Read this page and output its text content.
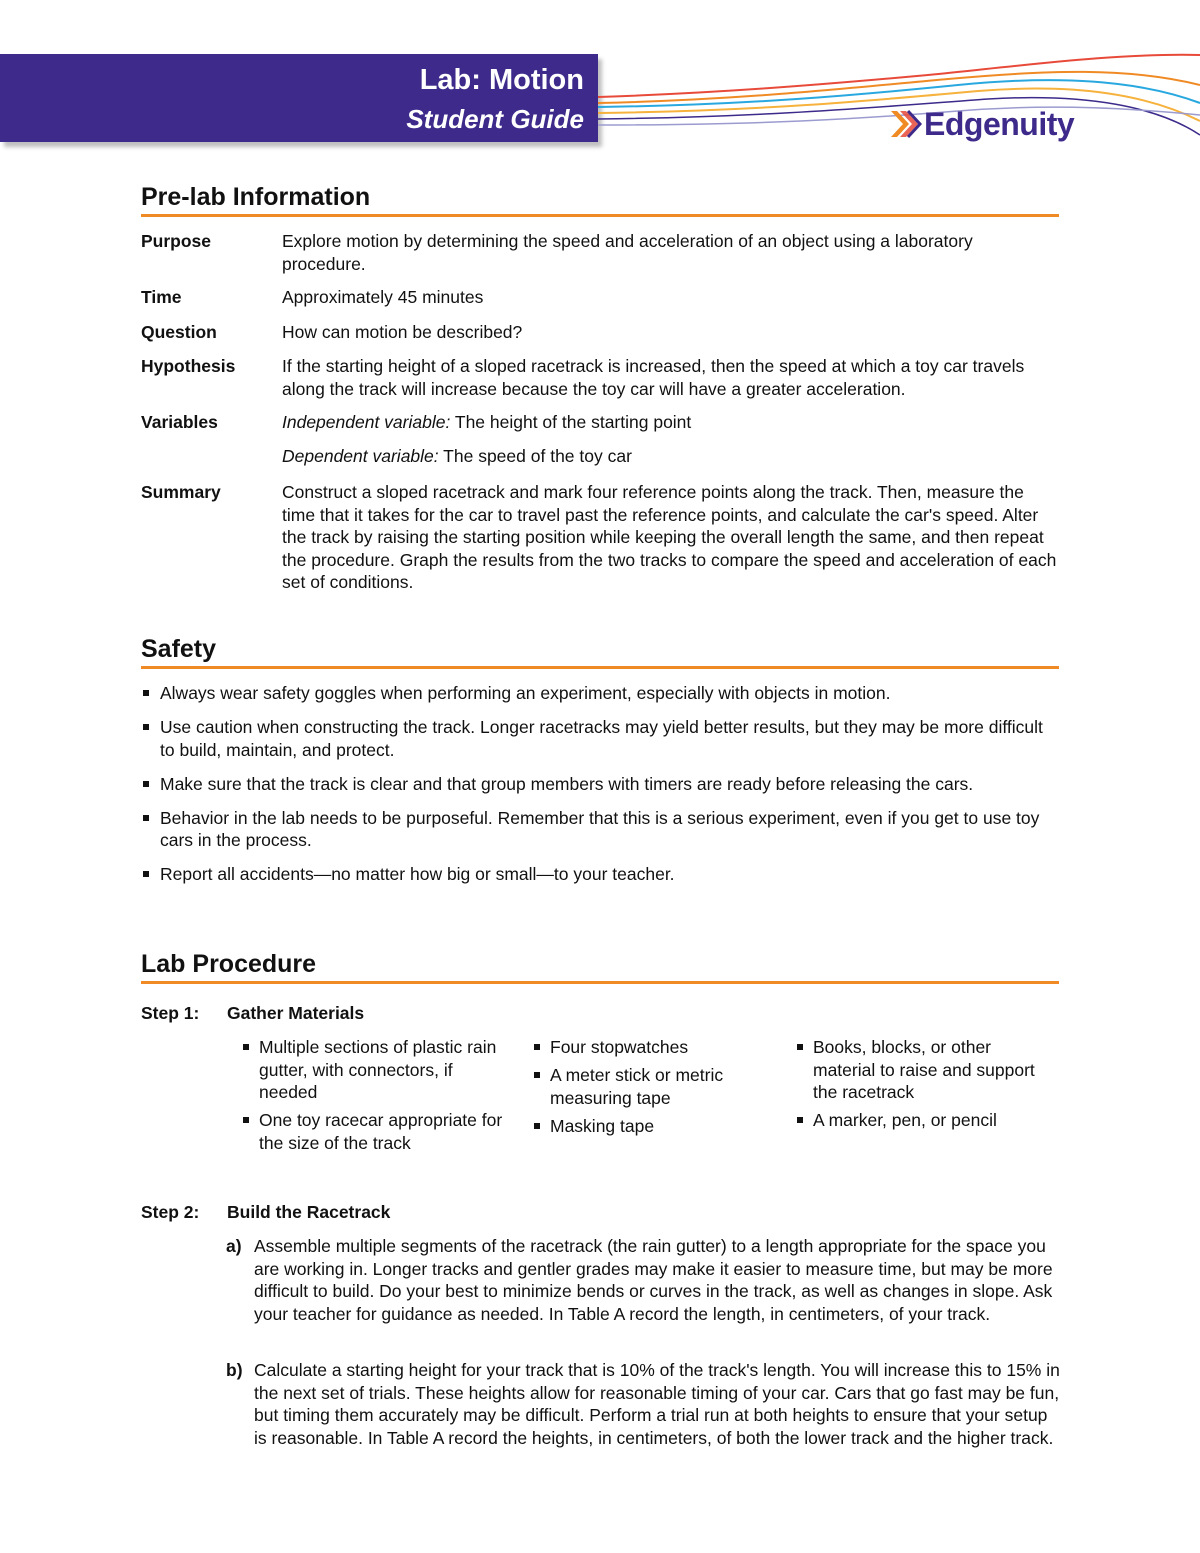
Lab: Motion
Student Guide	Edgenuity
Pre-lab Information
Purpose	Explore motion by determining the speed and acceleration of an object using a laboratory procedure.
Time	Approximately 45 minutes
Question	How can motion be described?
Hypothesis	If the starting height of a sloped racetrack is increased, then the speed at which a toy car travels along the track will increase because the toy car will have a greater acceleration.
Variables	Independent variable: The height of the starting point
Dependent variable: The speed of the toy car
Summary	Construct a sloped racetrack and mark four reference points along the track. Then, measure the time that it takes for the car to travel past the reference points, and calculate the car's speed. Alter the track by raising the starting position while keeping the overall length the same, and then repeat the procedure. Graph the results from the two tracks to compare the speed and acceleration of each set of conditions.
Safety
Always wear safety goggles when performing an experiment, especially with objects in motion.
Use caution when constructing the track. Longer racetracks may yield better results, but they may be more difficult to build, maintain, and protect.
Make sure that the track is clear and that group members with timers are ready before releasing the cars.
Behavior in the lab needs to be purposeful. Remember that this is a serious experiment, even if you get to use toy cars in the process.
Report all accidents—no matter how big or small—to your teacher.
Lab Procedure
Step 1: Gather Materials
Multiple sections of plastic rain gutter, with connectors, if needed
One toy racecar appropriate for the size of the track
Four stopwatches
A meter stick or metric measuring tape
Masking tape
Books, blocks, or other material to raise and support the racetrack
A marker, pen, or pencil
Step 2: Build the Racetrack
a) Assemble multiple segments of the racetrack (the rain gutter) to a length appropriate for the space you are working in. Longer tracks and gentler grades may make it easier to measure time, but may be more difficult to build. Do your best to minimize bends or curves in the track, as well as changes in slope. Ask your teacher for guidance as needed. In Table A record the length, in centimeters, of your track.
b) Calculate a starting height for your track that is 10% of the track's length. You will increase this to 15% in the next set of trials. These heights allow for reasonable timing of your car. Cars that go fast may be fun, but timing them accurately may be difficult. Perform a trial run at both heights to ensure that your setup is reasonable. In Table A record the heights, in centimeters, of both the lower track and the higher track.
